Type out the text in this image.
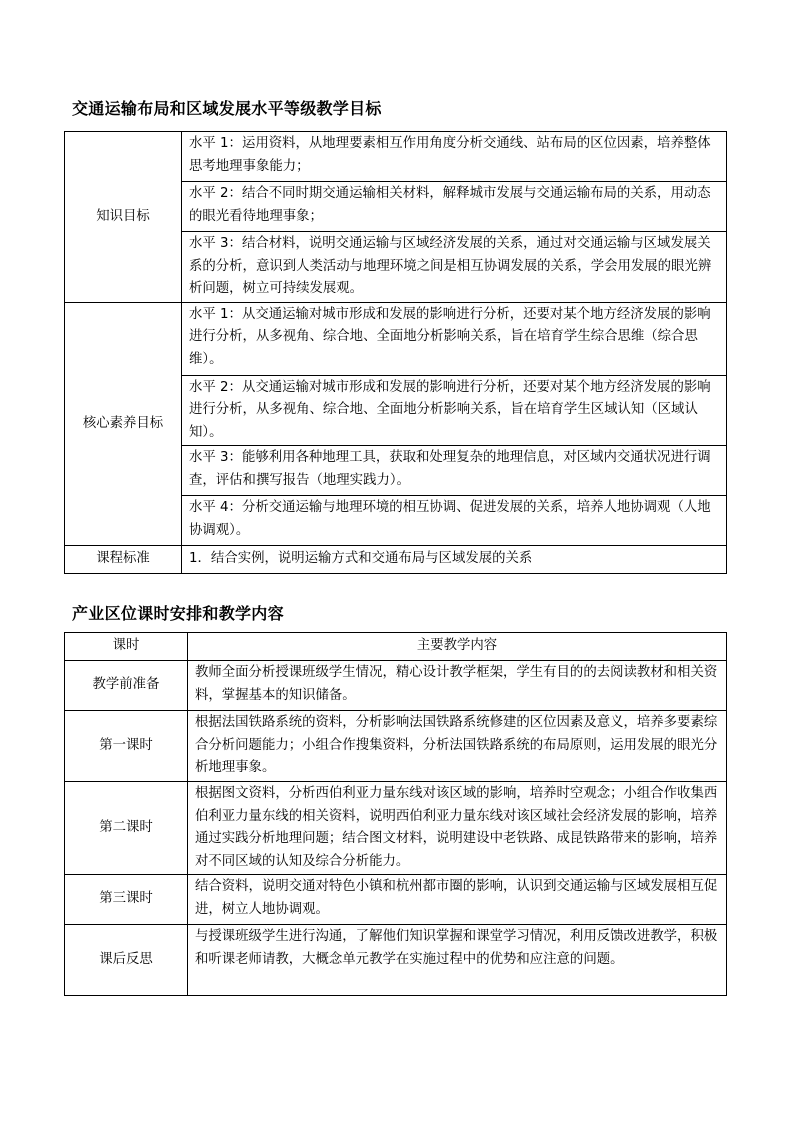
交通运输布局和区域发展水平等级教学目标
知识目标	水平 1：运用资料，从地理要素相互作用角度分析交通线、站布局的区位因素，培养整体思考地理事象能力；
	水平 2：结合不同时期交通运输相关材料，解释城市发展与交通运输布局的关系，用动态的眼光看待地理事象；
	水平 3：结合材料，说明交通运输与区域经济发展的关系，通过对交通运输与区域发展关系的分析，意识到人类活动与地理环境之间是相互协调发展的关系，学会用发展的眼光辨析问题，树立可持续发展观。
核心素养目标	水平 1：从交通运输对城市形成和发展的影响进行分析，还要对某个地方经济发展的影响进行分析，从多视角、综合地、全面地分析影响关系，旨在培育学生综合思维（综合思维）。
	水平 2：从交通运输对城市形成和发展的影响进行分析，还要对某个地方经济发展的影响进行分析，从多视角、综合地、全面地分析影响关系，旨在培育学生区域认知（区域认知）。
	水平 3：能够利用各种地理工具，获取和处理复杂的地理信息，对区域内交通状况进行调查，评估和撰写报告（地理实践力）。
	水平 4：分析交通运输与地理环境的相互协调、促进发展的关系，培养人地协调观（人地协调观）。
课程标准	1．结合实例，说明运输方式和交通布局与区域发展的关系
产业区位课时安排和教学内容
课时	主要教学内容
教学前准备	教师全面分析授课班级学生情况，精心设计教学框架，学生有目的的去阅读教材和相关资料，掌握基本的知识储备。
第一课时	根据法国铁路系统的资料，分析影响法国铁路系统修建的区位因素及意义，培养多要素综合分析问题能力；小组合作搜集资料，分析法国铁路系统的布局原则，运用发展的眼光分析地理事象。
第二课时	根据图文资料，分析西伯利亚力量东线对该区域的影响，培养时空观念；小组合作收集西伯利亚力量东线的相关资料，说明西伯利亚力量东线对该区域社会经济发展的影响，培养通过实践分析地理问题；结合图文材料，说明建设中老铁路、成昆铁路带来的影响，培养对不同区域的认知及综合分析能力。
第三课时	结合资料，说明交通对特色小镇和杭州都市圈的影响，认识到交通运输与区域发展相互促进，树立人地协调观。
课后反思	与授课班级学生进行沟通，了解他们知识掌握和课堂学习情况，利用反馈改进教学，积极和听课老师请教，大概念单元教学在实施过程中的优势和应注意的问题。
